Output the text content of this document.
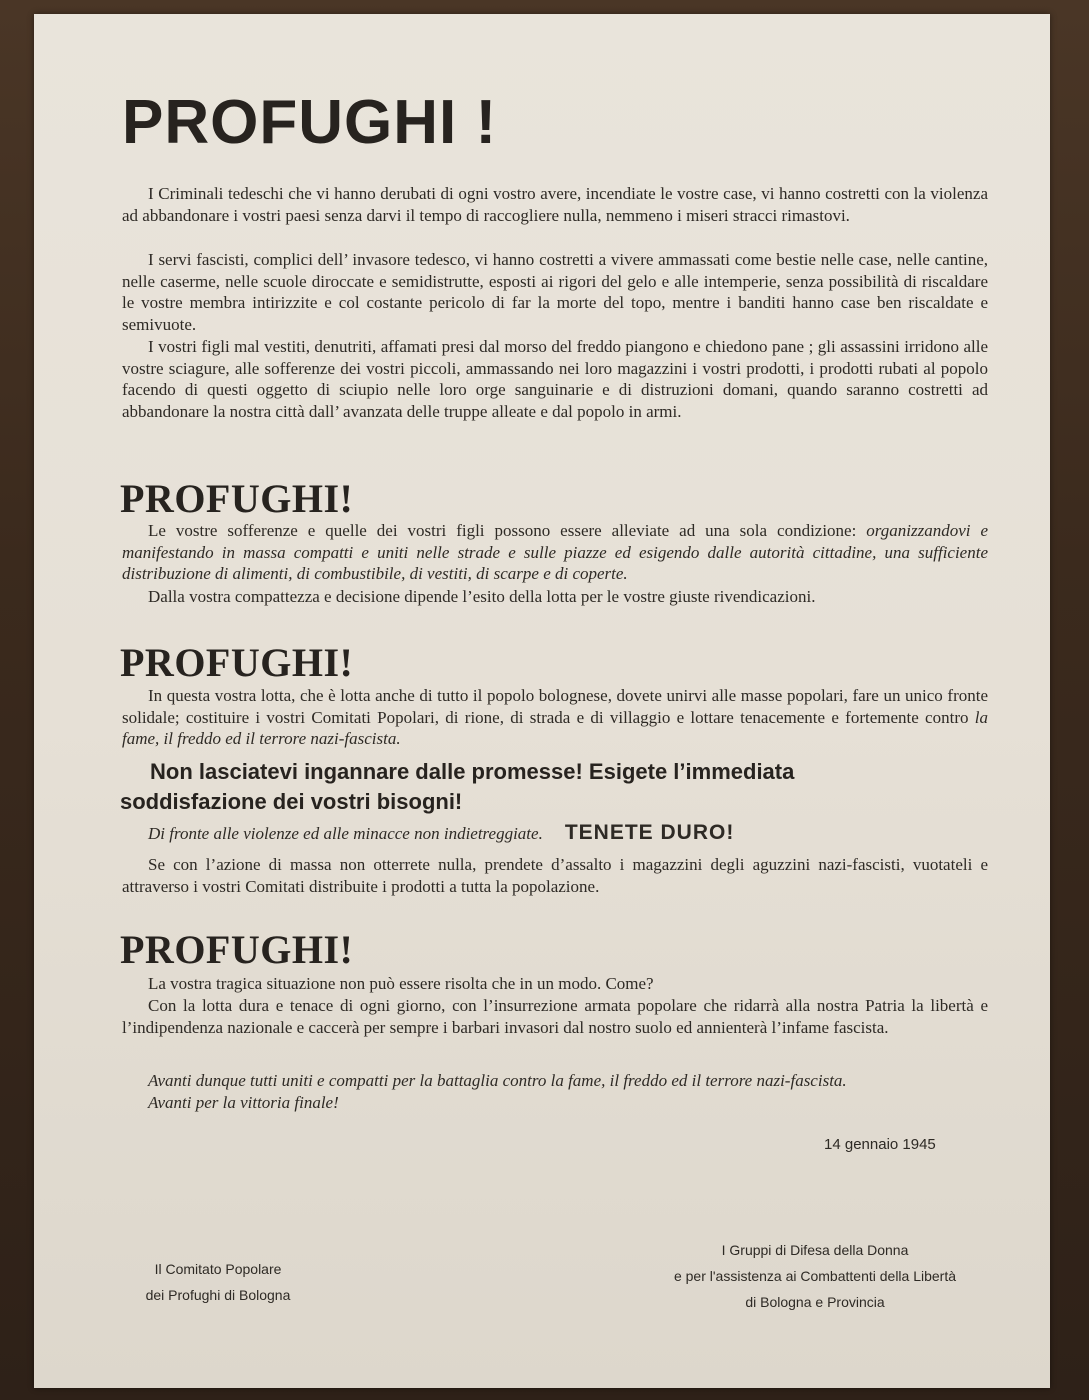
PROFUGHI !

I Criminali tedeschi che vi hanno derubati di ogni vostro avere, incendiate le vostre case, vi hanno costretti con la violenza ad abbandonare i vostri paesi senza darvi il tempo di raccogliere nulla, nemmeno i miseri stracci rimastovi.

I servi fascisti, complici dell’ invasore tedesco, vi hanno costretti a vivere ammassati come bestie nelle case, nelle cantine, nelle caserme, nelle scuole diroccate e semidistrutte, esposti ai rigori del gelo e alle intemperie, senza possibilità di riscaldare le vostre membra intirizzite e col costante pericolo di far la morte del topo, mentre i banditi hanno case ben riscaldate e semivuote.

I vostri figli mal vestiti, denutriti, affamati presi dal morso del freddo piangono e chiedono pane ; gli assassini irridono alle vostre sciagure, alle sofferenze dei vostri piccoli, ammassando nei loro magazzini i vostri prodotti, i prodotti rubati al popolo facendo di questi oggetto di sciupio nelle loro orge sanguinarie e di distruzioni domani, quando saranno costretti ad abbandonare la nostra città dall’ avanzata delle truppe alleate e dal popolo in armi.

PROFUGHI!

Le vostre sofferenze e quelle dei vostri figli possono essere alleviate ad una sola condizione: organizzandovi e manifestando in massa compatti e uniti nelle strade e sulle piazze ed esigendo dalle autorità cittadine, una sufficiente distribuzione di alimenti, di combustibile, di vestiti, di scarpe e di coperte.

Dalla vostra compattezza e decisione dipende l’esito della lotta per le vostre giuste rivendicazioni.

PROFUGHI!

In questa vostra lotta, che è lotta anche di tutto il popolo bolognese, dovete unirvi alle masse popolari, fare un unico fronte solidale; costituire i vostri Comitati Popolari, di rione, di strada e di villaggio e lottare tenacemente e fortemente contro la fame, il freddo ed il terrore nazi-fascista.

Non lasciatevi ingannare dalle promesse! Esigete l’immediata

soddisfazione dei vostri bisogni!

Di fronte alle violenze ed alle minacce non indietreggiate. TENETE DURO!

Se con l’azione di massa non otterrete nulla, prendete d’assalto i magazzini degli aguzzini nazi-fascisti, vuotateli e attraverso i vostri Comitati distribuite i prodotti a tutta la popolazione.

PROFUGHI!

La vostra tragica situazione non può essere risolta che in un modo. Come?

Con la lotta dura e tenace di ogni giorno, con l’insurrezione armata popolare che ridarrà alla nostra Patria la libertà e l’indipendenza nazionale e caccerà per sempre i barbari invasori dal nostro suolo ed annienterà l’infame fascista.

Avanti dunque tutti uniti e compatti per la battaglia contro la fame, il freddo ed il terrore nazi-fascista.

Avanti per la vittoria finale!

14 gennaio 1945
Il Comitato Popolare
dei Profughi di Bologna
I Gruppi di Difesa della Donna
e per l'assistenza ai Combattenti della Libertà
di Bologna e Provincia
